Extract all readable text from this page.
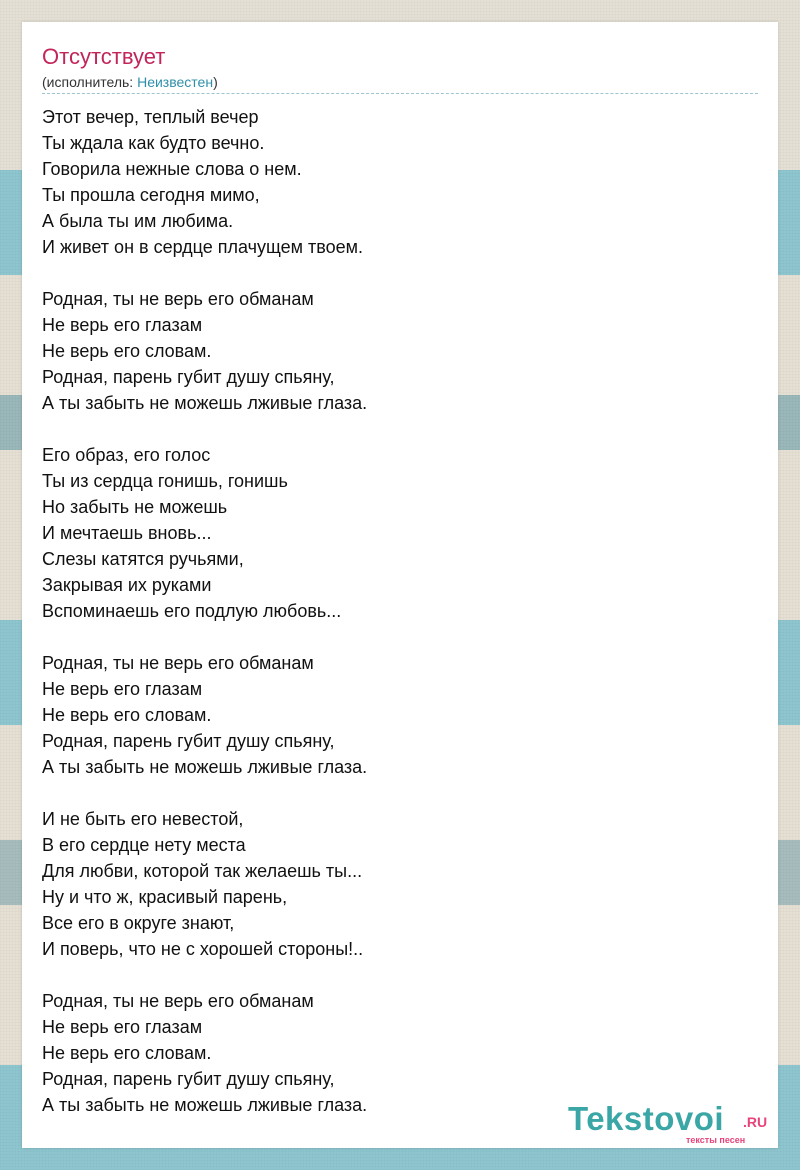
Отсутствует
(исполнитель: Неизвестен)
Этот вечер, теплый вечер
Ты ждала как будто вечно.
Говорила нежные слова о нем.
Ты прошла сегодня мимо,
А была ты им любима.
И живет он в сердце плачущем твоем.
Родная, ты не верь его обманам
Не верь его глазам
Не верь его словам.
Родная, парень губит душу спьяну,
А ты забыть не можешь лживые глаза.
Его образ, его голос
Ты из сердца гонишь, гонишь
Но забыть не можешь
И мечтаешь вновь...
Слезы катятся ручьями,
Закрывая их руками
Вспоминаешь его подлую любовь...
Родная, ты не верь его обманам
Не верь его глазам
Не верь его словам.
Родная, парень губит душу спьяну,
А ты забыть не можешь лживые глаза.
И не быть его невестой,
В его сердце нету места
Для любви, которой так желаешь ты...
Ну и что ж, красивый парень,
Все его в округе знают,
И поверь, что не с хорошей стороны!..
Родная, ты не верь его обманам
Не верь его глазам
Не верь его словам.
Родная, парень губит душу спьяну,
А ты забыть не можешь лживые глаза.	Tekstovoi .RU
тексты песен
